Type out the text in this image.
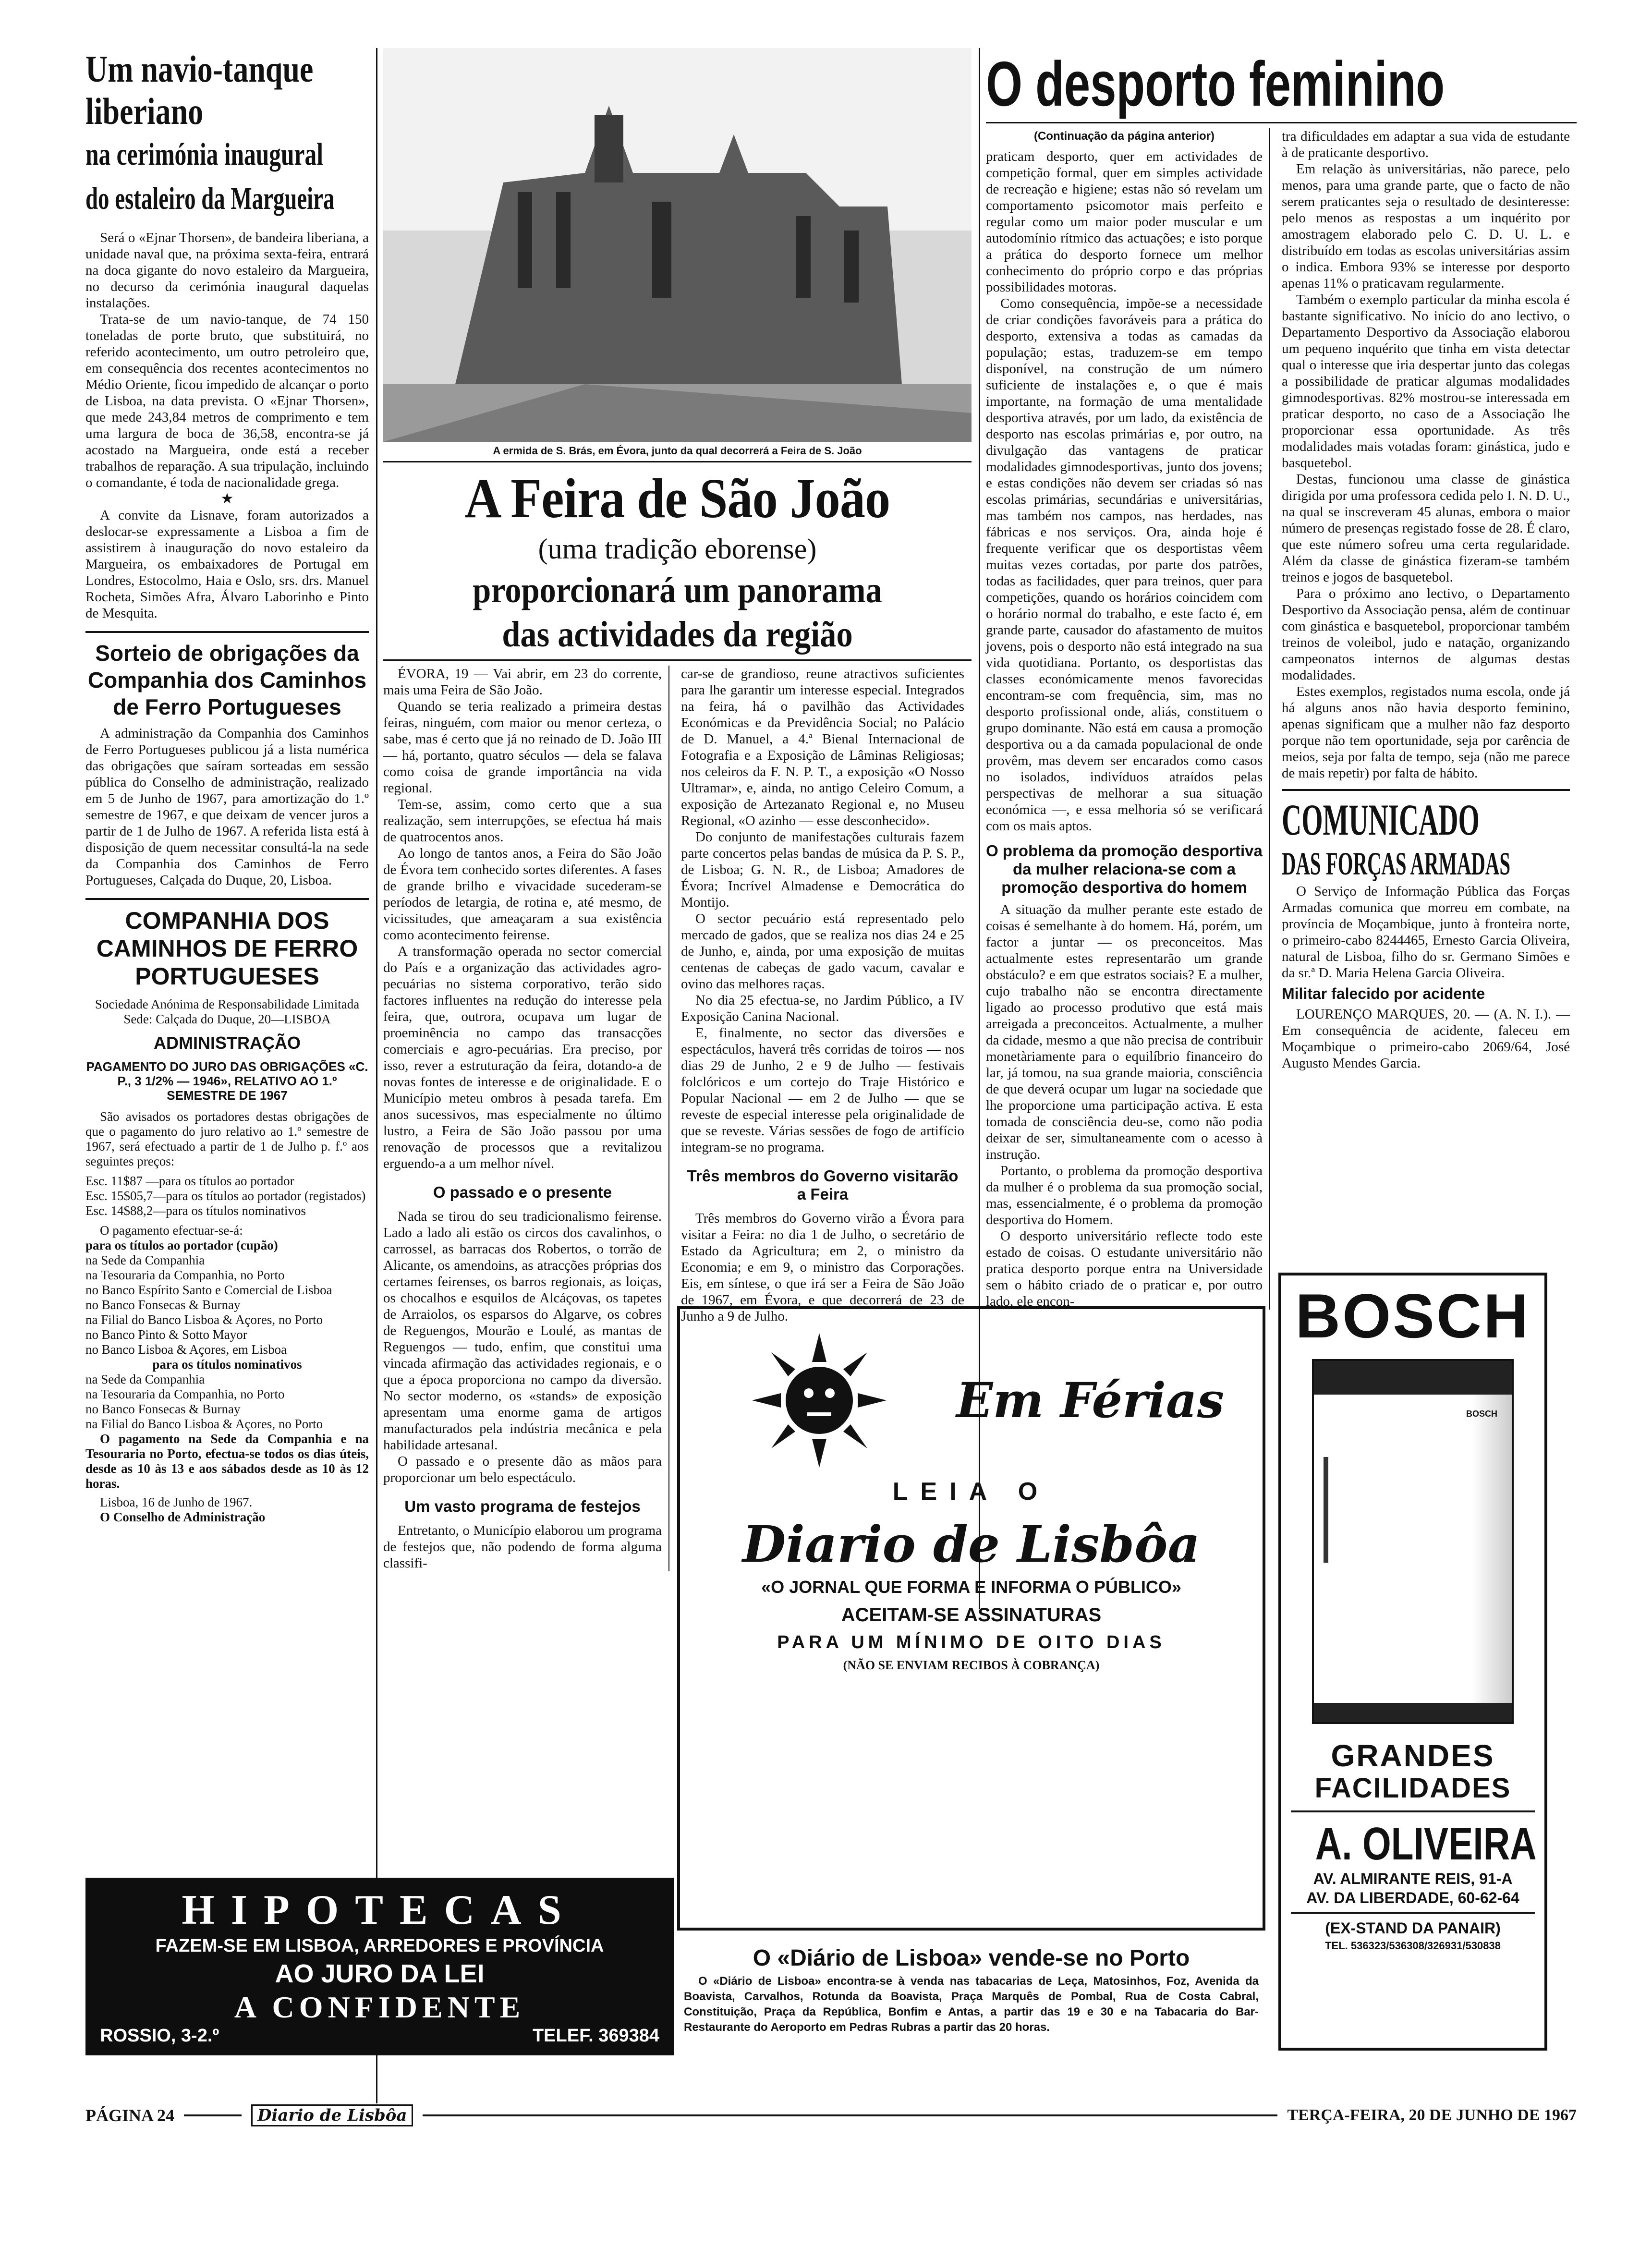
Um navio-tanque
liberiano
na cerimónia inaugural
do estaleiro da Margueira

Será o «Ejnar Thorsen», de bandeira liberiana, a unidade naval que, na próxima sexta-feira, entrará na doca gigante do novo estaleiro da Margueira, no decurso da cerimónia inaugural daquelas instalações.

Trata-se de um navio-tanque, de 74 150 toneladas de porte bruto, que substituirá, no referido acontecimento, um outro petroleiro que, em consequência dos recentes acontecimentos no Médio Oriente, ficou impedido de alcançar o porto de Lisboa, na data prevista. O «Ejnar Thorsen», que mede 243,84 metros de comprimento e tem uma largura de boca de 36,58, encontra-se já acostado na Margueira, onde está a receber trabalhos de reparação. A sua tripulação, incluindo o comandante, é toda de nacionalidade grega.

★

A convite da Lisnave, foram autorizados a deslocar-se expressamente a Lisboa a fim de assistirem à inauguração do novo estaleiro da Margueira, os embaixadores de Portugal em Londres, Estocolmo, Haia e Oslo, srs. drs. Manuel Rocheta, Simões Afra, Álvaro Laborinho e Pinto de Mesquita.

Sorteio de obrigações da Companhia dos Caminhos de Ferro Portugueses

A administração da Companhia dos Caminhos de Ferro Portugueses publicou já a lista numérica das obrigações que saíram sorteadas em sessão pública do Conselho de administração, realizado em 5 de Junho de 1967, para amortização do 1.º semestre de 1967, e que deixam de vencer juros a partir de 1 de Julho de 1967. A referida lista está à disposição de quem necessitar consultá-la na sede da Companhia dos Caminhos de Ferro Portugueses, Calçada do Duque, 20, Lisboa.

COMPANHIA DOS CAMINHOS DE FERRO PORTUGUESES
Sociedade Anónima de Responsabilidade Limitada
Sede: Calçada do Duque, 20—LISBOA
ADMINISTRAÇÃO
PAGAMENTO DO JURO DAS OBRIGAÇÕES «C. P., 3 1/2% — 1946», RELATIVO AO 1.º SEMESTRE DE 1967

São avisados os portadores destas obrigações de que o pagamento do juro relativo ao 1.º semestre de 1967, será efectuado a partir de 1 de Julho p. f.º aos seguintes preços:

Esc. 11$87 —para os títulos ao portador
Esc. 15$05,7—para os títulos ao portador (registados)
Esc. 14$88,2—para os títulos nominativos
O pagamento efectuar-se-á:
para os títulos ao portador (cupão)
na Sede da Companhia
na Tesouraria da Companhia, no Porto
no Banco Espírito Santo e Comercial de Lisboa
no Banco Fonsecas & Burnay
na Filial do Banco Lisboa & Açores, no Porto
no Banco Pinto & Sotto Mayor
no Banco Lisboa & Açores, em Lisboa
para os títulos nominativos
na Sede da Companhia
na Tesouraria da Companhia, no Porto
no Banco Fonsecas & Burnay
na Filial do Banco Lisboa & Açores, no Porto
O pagamento na Sede da Companhia e na Tesouraria no Porto, efectua-se todos os dias úteis, desde as 10 às 13 e aos sábados desde as 10 às 12 horas.
Lisboa, 16 de Junho de 1967.
O Conselho de Administração
A ermida de S. Brás, em Évora, junto da qual decorrerá a Feira de S. João
A Feira de São João
(uma tradição eborense)
proporcionará um panorama
das actividades da região

ÉVORA, 19 — Vai abrir, em 23 do corrente, mais uma Feira de São João.

Quando se teria realizado a primeira destas feiras, ninguém, com maior ou menor certeza, o sabe, mas é certo que já no reinado de D. João III — há, portanto, quatro séculos — dela se falava como coisa de grande importância na vida regional.

Tem-se, assim, como certo que a sua realização, sem interrupções, se efectua há mais de quatrocentos anos.

Ao longo de tantos anos, a Feira do São João de Évora tem conhecido sortes diferentes. A fases de grande brilho e vivacidade sucederam-se períodos de letargia, de rotina e, até mesmo, de vicissitudes, que ameaçaram a sua existência como acontecimento feirense.

A transformação operada no sector comercial do País e a organização das actividades agro-pecuárias no sistema corporativo, terão sido factores influentes na redução do interesse pela feira, que, outrora, ocupava um lugar de proeminência no campo das transacções comerciais e agro-pecuárias. Era preciso, por isso, rever a estruturação da feira, dotando-a de novas fontes de interesse e de originalidade. E o Município meteu ombros à pesada tarefa. Em anos sucessivos, mas especialmente no último lustro, a Feira de São João passou por uma renovação de processos que a revitalizou erguendo-a a um melhor nível.

O passado e o presente

Nada se tirou do seu tradicionalismo feirense. Lado a lado ali estão os circos dos cavalinhos, o carrossel, as barracas dos Robertos, o torrão de Alicante, os amendoins, as atracções próprias dos certames feirenses, os barros regionais, as loiças, os chocalhos e esquilos de Alcáçovas, os tapetes de Arraiolos, os esparsos do Algarve, os cobres de Reguengos, Mourão e Loulé, as mantas de Reguengos — tudo, enfim, que constitui uma vincada afirmação das actividades regionais, e o que a época proporciona no campo da diversão. No sector moderno, os «stands» de exposição apresentam uma enorme gama de artigos manufacturados pela indústria mecânica e pela habilidade artesanal.

O passado e o presente dão as mãos para proporcionar um belo espectáculo.

Um vasto programa de festejos

Entretanto, o Município elaborou um programa de festejos que, não podendo de forma alguma classifi-

car-se de grandioso, reune atractivos suficientes para lhe garantir um interesse especial. Integrados na feira, há o pavilhão das Actividades Económicas e da Previdência Social; no Palácio de D. Manuel, a 4.ª Bienal Internacional de Fotografia e a Exposição de Lâminas Religiosas; nos celeiros da F. N. P. T., a exposição «O Nosso Ultramar», e, ainda, no antigo Celeiro Comum, a exposição de Artezanato Regional e, no Museu Regional, «O azinho — esse desconhecido».

Do conjunto de manifestações culturais fazem parte concertos pelas bandas de música da P. S. P., de Lisboa; G. N. R., de Lisboa; Amadores de Évora; Incrível Almadense e Democrática do Montijo.

O sector pecuário está representado pelo mercado de gados, que se realiza nos dias 24 e 25 de Junho, e, ainda, por uma exposição de muitas centenas de cabeças de gado vacum, cavalar e ovino das melhores raças.

No dia 25 efectua-se, no Jardim Público, a IV Exposição Canina Nacional.

E, finalmente, no sector das diversões e espectáculos, haverá três corridas de toiros — nos dias 29 de Junho, 2 e 9 de Julho — festivais folclóricos e um cortejo do Traje Histórico e Popular Nacional — em 2 de Julho — que se reveste de especial interesse pela originalidade de que se reveste. Várias sessões de fogo de artifício integram-se no programa.

Três membros do Governo visitarão a Feira

Três membros do Governo virão a Évora para visitar a Feira: no dia 1 de Julho, o secretário de Estado da Agricultura; em 2, o ministro da Economia; e em 9, o ministro das Corporações. Eis, em síntese, o que irá ser a Feira de São João de 1967, em Évora, e que decorrerá de 23 de Junho a 9 de Julho.

O desporto feminino
(Continuação da página anterior)

praticam desporto, quer em actividades de competição formal, quer em simples actividade de recreação e higiene; estas não só revelam um comportamento psicomotor mais perfeito e regular como um maior poder muscular e um autodomínio rítmico das actuações; e isto porque a prática do desporto fornece um melhor conhecimento do próprio corpo e das próprias possibilidades motoras.

Como consequência, impõe-se a necessidade de criar condições favoráveis para a prática do desporto, extensiva a todas as camadas da população; estas, traduzem-se em tempo disponível, na construção de um número suficiente de instalações e, o que é mais importante, na formação de uma mentalidade desportiva através, por um lado, da existência de desporto nas escolas primárias e, por outro, na divulgação das vantagens de praticar modalidades gimnodesportivas, junto dos jovens; e estas condições não devem ser criadas só nas escolas primárias, secundárias e universitárias, mas também nos campos, nas herdades, nas fábricas e nos serviços. Ora, ainda hoje é frequente verificar que os desportistas vêem muitas vezes cortadas, por parte dos patrões, todas as facilidades, quer para treinos, quer para competições, quando os horários coincidem com o horário normal do trabalho, e este facto é, em grande parte, causador do afastamento de muitos jovens, pois o desporto não está integrado na sua vida quotidiana. Portanto, os desportistas das classes económicamente menos favorecidas encontram-se com frequência, sim, mas no desporto profissional onde, aliás, constituem o grupo dominante. Não está em causa a promoção desportiva ou a da camada populacional de onde provêm, mas devem ser encarados como casos no isolados, indivíduos atraídos pelas perspectivas de melhorar a sua situação económica —, e essa melhoria só se verificará com os mais aptos.

O problema da promoção desportiva da mulher relaciona-se com a promoção desportiva do homem

A situação da mulher perante este estado de coisas é semelhante à do homem. Há, porém, um factor a juntar — os preconceitos. Mas actualmente estes representarão um grande obstáculo? e em que estratos sociais? E a mulher, cujo trabalho não se encontra directamente ligado ao processo produtivo que está mais arreigada a preconceitos. Actualmente, a mulher da cidade, mesmo a que não precisa de contribuir monetàriamente para o equilíbrio financeiro do lar, já tomou, na sua grande maioria, consciência de que deverá ocupar um lugar na sociedade que lhe proporcione uma participação activa. E esta tomada de consciência deu-se, como não podia deixar de ser, simultaneamente com o acesso à instrução.

Portanto, o problema da promoção desportiva da mulher é o problema da sua promoção social, mas, essencialmente, é o problema da promoção desportiva do Homem.

O desporto universitário reflecte todo este estado de coisas. O estudante universitário não pratica desporto porque entra na Universidade sem o hábito criado de o praticar e, por outro lado, ele encon-

tra dificuldades em adaptar a sua vida de estudante à de praticante desportivo.

Em relação às universitárias, não parece, pelo menos, para uma grande parte, que o facto de não serem praticantes seja o resultado de desinteresse: pelo menos as respostas a um inquérito por amostragem elaborado pelo C. D. U. L. e distribuído em todas as escolas universitárias assim o indica. Embora 93% se interesse por desporto apenas 11% o praticavam regularmente.

Também o exemplo particular da minha escola é bastante significativo. No início do ano lectivo, o Departamento Desportivo da Associação elaborou um pequeno inquérito que tinha em vista detectar qual o interesse que iria despertar junto das colegas a possibilidade de praticar algumas modalidades gimnodesportivas. 82% mostrou-se interessada em praticar desporto, no caso de a Associação lhe proporcionar essa oportunidade. As três modalidades mais votadas foram: ginástica, judo e basquetebol.

Destas, funcionou uma classe de ginástica dirigida por uma professora cedida pelo I. N. D. U., na qual se inscreveram 45 alunas, embora o maior número de presenças registado fosse de 28. É claro, que este número sofreu uma certa regularidade. Além da classe de ginástica fizeram-se também treinos e jogos de basquetebol.

Para o próximo ano lectivo, o Departamento Desportivo da Associação pensa, além de continuar com ginástica e basquetebol, proporcionar também treinos de voleibol, judo e natação, organizando campeonatos internos de algumas destas modalidades.

Estes exemplos, registados numa escola, onde já há alguns anos não havia desporto feminino, apenas significam que a mulher não faz desporto porque não tem oportunidade, seja por carência de meios, seja por falta de tempo, seja (não me parece de mais repetir) por falta de hábito.

COMUNICADO
DAS FORÇAS ARMADAS

O Serviço de Informação Pública das Forças Armadas comunica que morreu em combate, na província de Moçambique, junto à fronteira norte, o primeiro-cabo 8244465, Ernesto Garcia Oliveira, natural de Lisboa, filho do sr. Germano Simões e da sr.ª D. Maria Helena Garcia Oliveira.

Militar falecido por acidente

LOURENÇO MARQUES, 20. — (A. N. I.). — Em consequência de acidente, faleceu em Moçambique o primeiro-cabo 2069/64, José Augusto Mendes Garcia.

BOSCH
BOSCH
GRANDES
FACILIDADES
A. OLIVEIRA
AV. ALMIRANTE REIS, 91-A
AV. DA LIBERDADE, 60-62-64
(EX-STAND DA PANAIR)
TEL. 536323/536308/326931/530838
HIPOTECAS
FAZEM-SE EM LISBOA, ARREDORES E PROVÍNCIA
AO JURO DA LEI
A CONFIDENTE
ROSSIO, 3-2.º	TELEF. 369384
Em Férias
LEIA O
Diario de Lisbôa
«O JORNAL QUE FORMA E INFORMA O PÚBLICO»
ACEITAM-SE ASSINATURAS
PARA UM MÍNIMO DE OITO DIAS
(NÃO SE ENVIAM RECIBOS À COBRANÇA)
O «Diário de Lisboa» vende-se no Porto

O «Diário de Lisboa» encontra-se à venda nas tabacarias de Leça, Matosinhos, Foz, Avenida da Boavista, Carvalhos, Rotunda da Boavista, Praça Marquês de Pombal, Rua de Costa Cabral, Constituição, Praça da República, Bonfim e Antas, a partir das 19 e 30 e na Tabacaria do Bar-Restaurante do Aeroporto em Pedras Rubras a partir das 20 horas.

PÁGINA 24	Diario de Lisbôa	TERÇA-FEIRA, 20 DE JUNHO DE 1967
